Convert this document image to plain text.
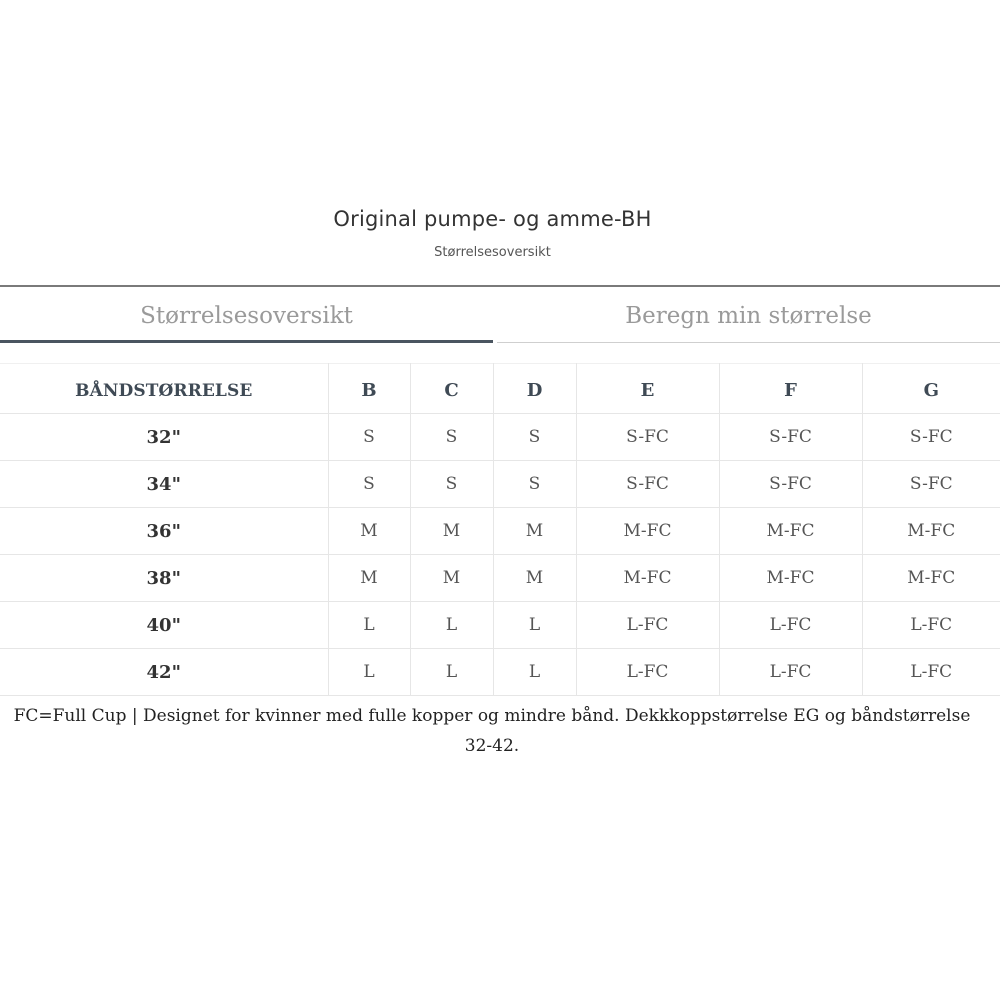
Original pumpe- og amme-BH
Størrelsesoversikt
Størrelsesoversikt	Beregn min størrelse
BÅNDSTØRRELSE	B	C	D	E	F	G
32"	S	S	S	S-FC	S-FC	S-FC
34"	S	S	S	S-FC	S-FC	S-FC
36"	M	M	M	M-FC	M-FC	M-FC
38"	M	M	M	M-FC	M-FC	M-FC
40"	L	L	L	L-FC	L-FC	L-FC
42"	L	L	L	L-FC	L-FC	L-FC
FC=Full Cup | Designet for kvinner med fulle kopper og mindre bånd. Dekkkoppstørrelse EG og båndstørrelse
32-42.
